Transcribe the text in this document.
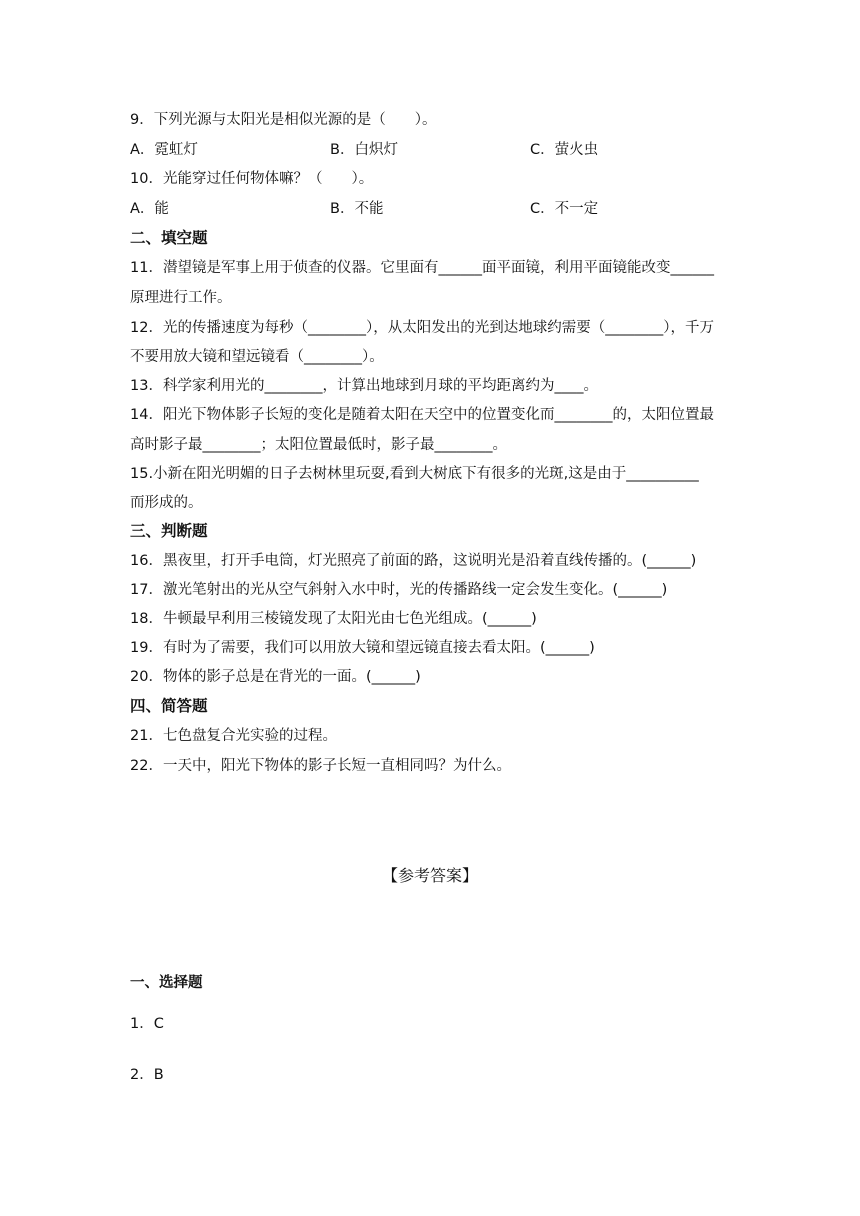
9．下列光源与太阳光是相似光源的是（　　）。
A．霓虹灯	B．白炽灯	C．萤火虫
10．光能穿过任何物体嘛？（　　）。
A．能	B．不能	C．不一定
二、填空题
11．潜望镜是军事上用于侦查的仪器。它里面有______面平面镜，利用平面镜能改变______
原理进行工作。
12．光的传播速度为每秒（________），从太阳发出的光到达地球约需要（________），千万
不要用放大镜和望远镜看（________）。
13．科学家利用光的________，计算出地球到月球的平均距离约为____。
14．阳光下物体影子长短的变化是随着太阳在天空中的位置变化而________的，太阳位置最
高时影子最________；太阳位置最低时，影子最________。
15.小新在阳光明媚的日子去树林里玩耍,看到大树底下有很多的光斑,这是由于__________
而形成的。
三、判断题
16．黑夜里，打开手电筒，灯光照亮了前面的路，这说明光是沿着直线传播的。(______)
17．激光笔射出的光从空气斜射入水中时，光的传播路线一定会发生变化。(______)
18．牛顿最早利用三棱镜发现了太阳光由七色光组成。(______)
19．有时为了需要，我们可以用放大镜和望远镜直接去看太阳。(______)
20．物体的影子总是在背光的一面。(______)
四、简答题
21．七色盘复合光实验的过程。
22．一天中，阳光下物体的影子长短一直相同吗？为什么。
【参考答案】
一、选择题
1．C
2．B
